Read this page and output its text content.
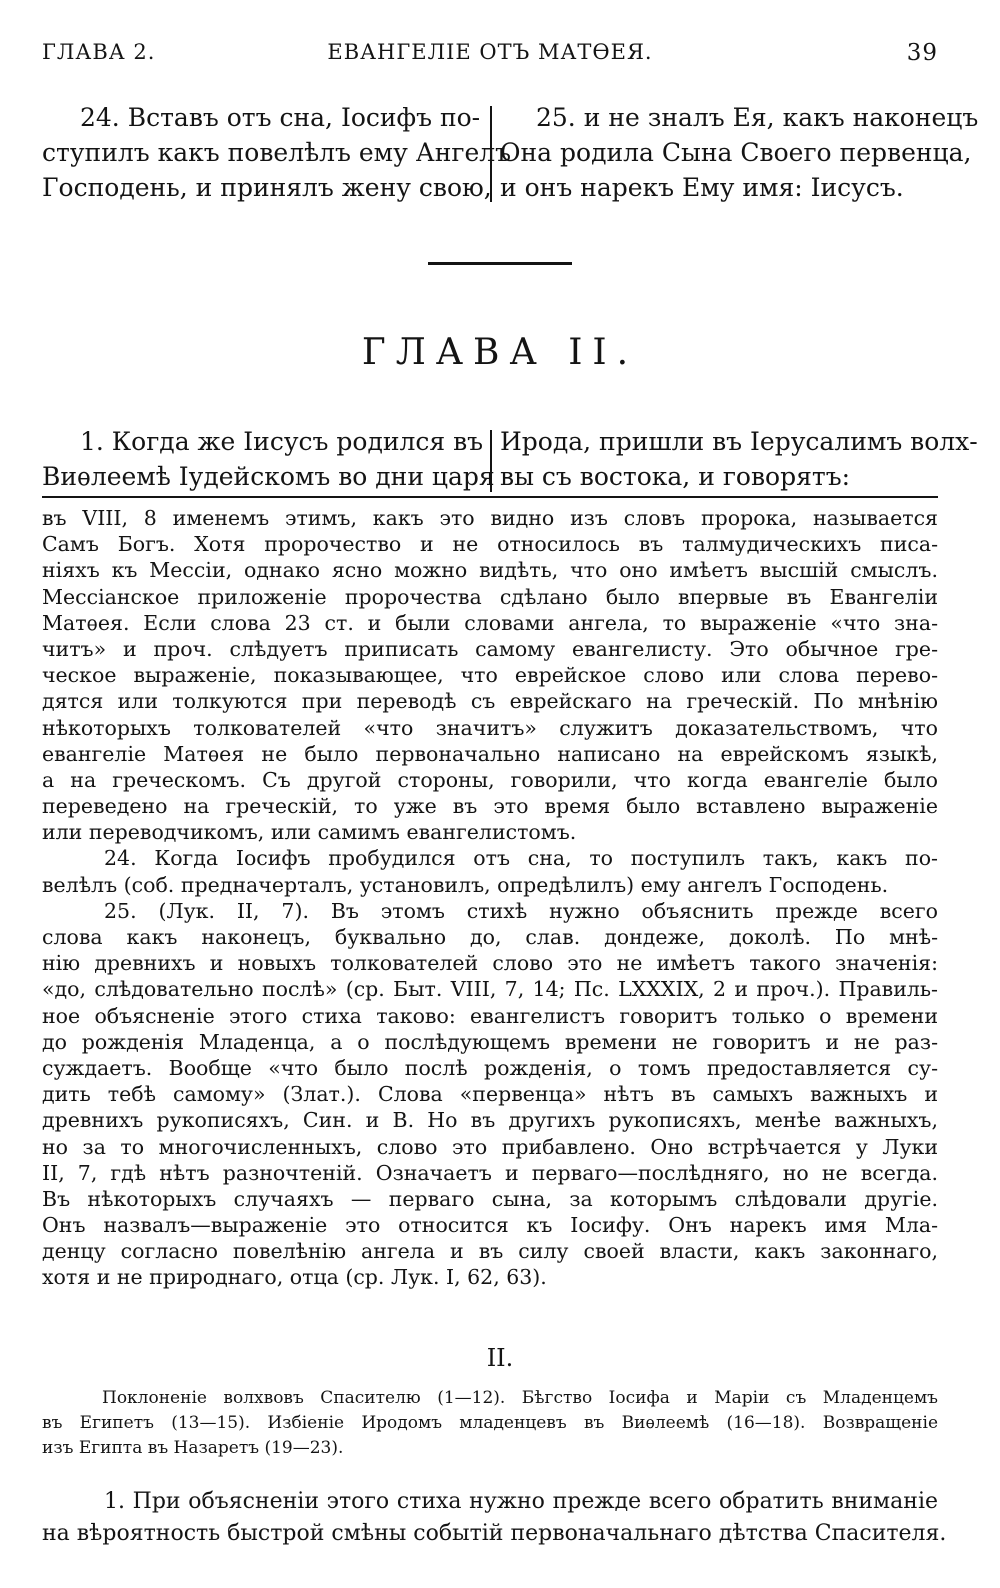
ГЛАВА 2.	ЕВАНГЕЛІЕ ОТЪ МАТѲЕЯ.	39
24. Вставъ отъ сна, Іосифъ по-
ступилъ какъ повелѣлъ ему Ангелъ
Господень, и принялъ жену свою,
25. и не зналъ Ея, какъ наконецъ
Она родила Сына Своего первенца,
и онъ нарекъ Ему имя: Іисусъ.
ГЛАВА II.
1. Когда же Іисусъ родился въ
Виѳлеемѣ Іудейскомъ во дни царя
Ирода, пришли въ Іерусалимъ волх-
вы съ востока, и говорятъ:
въ VIII, 8 именемъ этимъ, какъ это видно изъ словъ пророка, называется
Самъ Богъ. Хотя пророчество и не относилось въ талмудическихъ писа-
ніяхъ къ Мессіи, однако ясно можно видѣть, что оно имѣетъ высшій смыслъ.
Мессіанское приложеніе пророчества сдѣлано было впервые въ Евангеліи
Матѳея. Если слова 23 ст. и были словами ангела, то выраженіе «что зна-
читъ» и проч. слѣдуетъ приписать самому евангелисту. Это обычное гре-
ческое выраженіе, показывающее, что еврейское слово или слова перево-
дятся или толкуются при переводѣ съ еврейскаго на греческій. По мнѣнію
нѣкоторыхъ толкователей «что значитъ» служитъ доказательствомъ, что
евангеліе Матѳея не было первоначально написано на еврейскомъ языкѣ,
а на греческомъ. Съ другой стороны, говорили, что когда евангеліе было
переведено на греческій, то уже въ это время было вставлено выраженіе
или переводчикомъ, или самимъ евангелистомъ.
24. Когда Іосифъ пробудился отъ сна, то поступилъ такъ, какъ по-
велѣлъ (соб. предначерталъ, установилъ, опредѣлилъ) ему ангелъ Господень.
25. (Лук. II, 7). Въ этомъ стихѣ нужно объяснить прежде всего
слова какъ наконецъ, буквально до, слав. дондеже, доколѣ. По мнѣ-
нію древнихъ и новыхъ толкователей слово это не имѣетъ такого значенія:
«до, слѣдовательно послѣ» (ср. Быт. VIII, 7, 14; Пс. LXXXIX, 2 и проч.). Правиль-
ное объясненіе этого стиха таково: евангелистъ говоритъ только о времени
до рожденія Младенца, а о послѣдующемъ времени не говоритъ и не раз-
суждаетъ. Вообще «что было послѣ рожденія, о томъ предоставляется су-
дить тебѣ самому» (Злат.). Слова «первенца» нѣтъ въ самыхъ важныхъ и
древнихъ рукописяхъ, Син. и В. Но въ другихъ рукописяхъ, менѣе важныхъ,
но за то многочисленныхъ, слово это прибавлено. Оно встрѣчается у Луки
II, 7, гдѣ нѣтъ разночтеній. Означаетъ и перваго—послѣдняго, но не всегда.
Въ нѣкоторыхъ случаяхъ — перваго сына, за которымъ слѣдовали другіе.
Онъ назвалъ—выраженіе это относится къ Іосифу. Онъ нарекъ имя Мла-
денцу согласно повелѣнію ангела и въ силу своей власти, какъ законнаго,
хотя и не природнаго, отца (ср. Лук. I, 62, 63).
II.
Поклоненіе волхвовъ Спасителю (1—12). Бѣгство Іосифа и Маріи съ Младенцемъ
въ Египетъ (13—15). Избіеніе Иродомъ младенцевъ въ Виѳлеемѣ (16—18). Возвращеніе
изъ Египта въ Назаретъ (19—23).
1. При объясненіи этого стиха нужно прежде всего обратить вниманіе
на вѣроятность быстрой смѣны событій первоначальнаго дѣтства Спасителя.
